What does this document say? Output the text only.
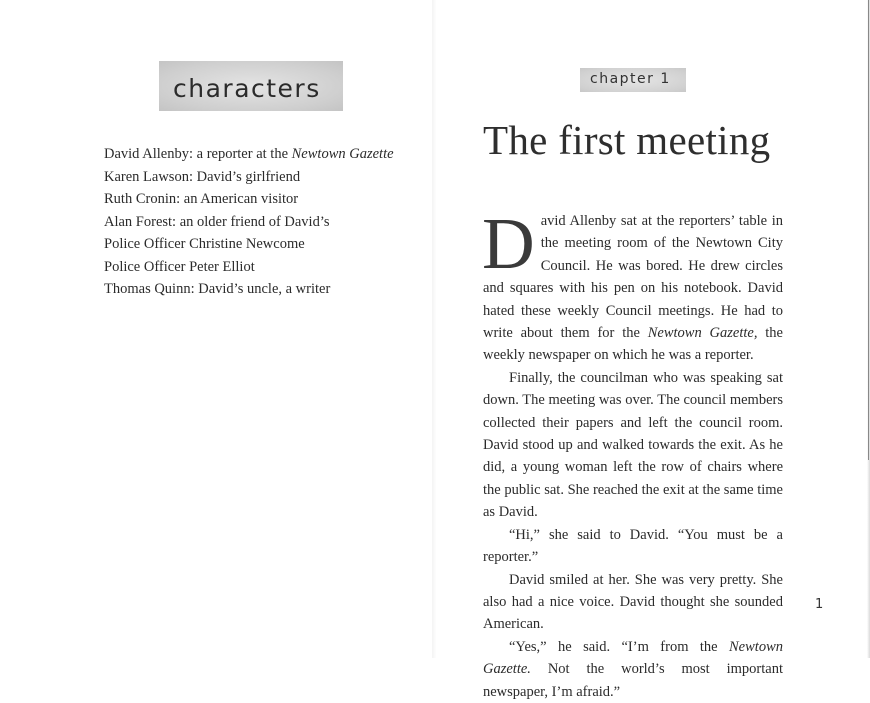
characters
David Allenby: a reporter at the Newtown Gazette
Karen Lawson: David’s girlfriend
Ruth Cronin: an American visitor
Alan Forest: an older friend of David’s
Police Officer Christine Newcome
Police Officer Peter Elliot
Thomas Quinn: David’s uncle, a writer
chapter 1
The first meeting

David Allenby sat at the reporters’ table in the meeting room of the Newtown City Council. He was bored. He drew circles and squares with his pen on his notebook. David hated these weekly Council meetings. He had to write about them for the Newtown Gazette, the weekly newspaper on which he was a reporter.

Finally, the councilman who was speaking sat down. The meeting was over. The council members collected their papers and left the council room. David stood up and walked towards the exit. As he did, a young woman left the row of chairs where the public sat. She reached the exit at the same time as David.

“Hi,” she said to David. “You must be a reporter.”

David smiled at her. She was very pretty. She also had a nice voice. David thought she sounded American.

“Yes,” he said. “I’m from the Newtown Gazette. Not the world’s most important newspaper, I’m afraid.”

1
